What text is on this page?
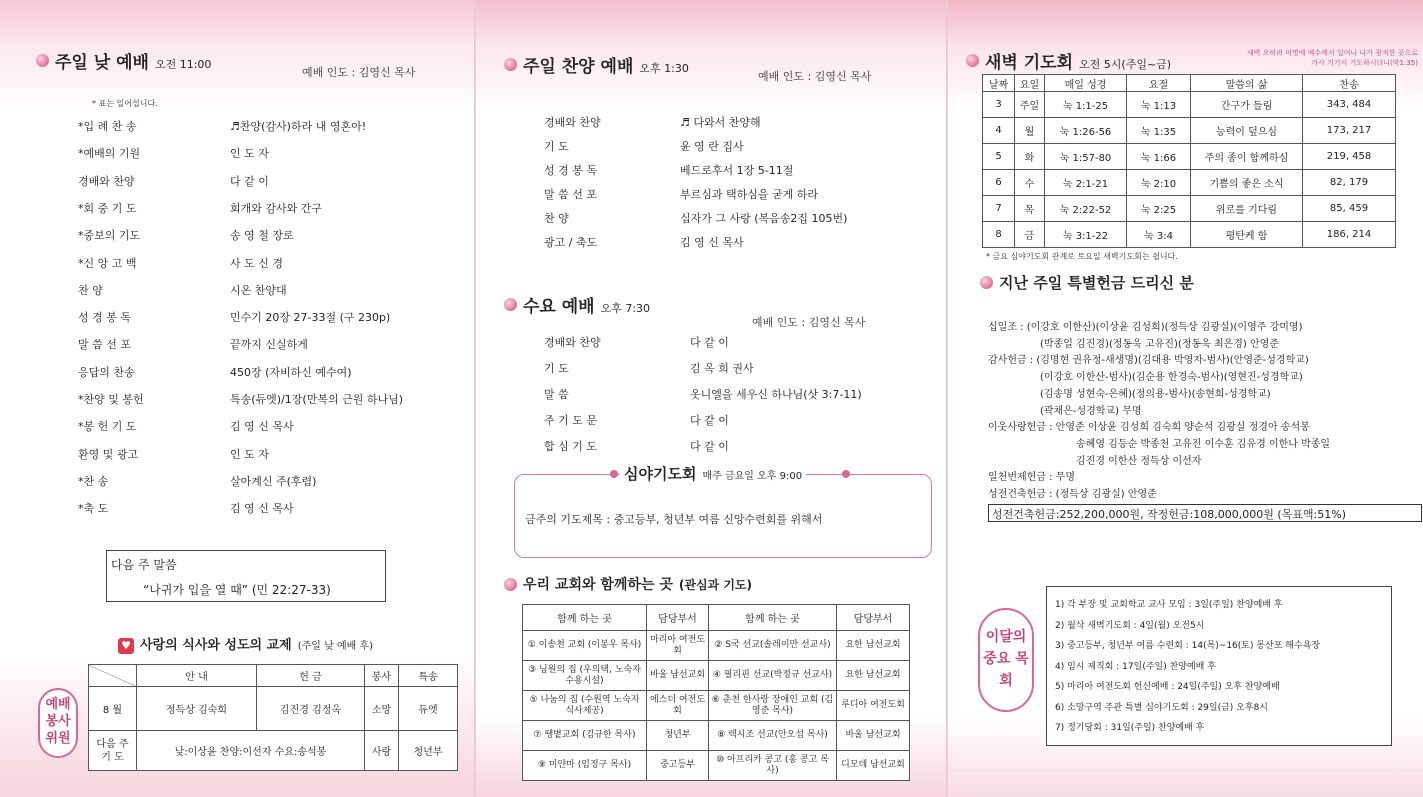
주일 낮 예배 오전 11:00
예배 인도 : 김영신 목사
* 표는 일어섭니다.
*입 례 찬 송	♬찬양(감사)하라 내 영혼아!
*예배의 기원	인 도 자
경배와 찬양	다 같 이
*회 중 기 도	회개와 감사와 간구
*중보의 기도	송 영 철 장로
*신 앙 고 백	사 도 신 경
찬 양	시온 찬양대
성 경 봉 독	민수기 20장 27-33절 (구 230p)
말 씀 선 포	끝까지 신실하게
응답의 찬송	450장 (자비하신 예수여)
*찬양 및 봉헌	특송(듀엣)/1장(만복의 근원 하나님)
*봉 헌 기 도	김 영 신 목사
환영 및 광고	인 도 자
*찬 송	살아계신 주(후렴)
*축 도	김 영 신 목사
다음 주 말씀
“나귀가 입을 열 때” (민 22:27-33)
♥ 사랑의 식사와 성도의 교제 (주일 낮 예배 후)
	안 내	헌 금	봉사	특송
8 월	정득상 김숙희	김진경 김정옥	소망	듀엣
다음 주 기 도	낮:이상윤 찬양:이선자 수요:송석봉		사랑	청년부
예배 봉사 위원
주일 찬양 예배 오후 1:30
예배 인도 : 김영신 목사
경배와 찬양	♬ 다와서 찬양해
기 도	윤 영 란 집사
성 경 봉 독	베드로후서 1장 5-11절
말 씀 선 포	부르심과 택하심을 굳게 하라
찬 양	십자가 그 사랑 (복음송2집 105번)
광고 / 축도	김 영 신 목사
수요 예배 오후 7:30
예배 인도 : 김영신 목사
경배와 찬양	다 같 이
기 도	김 옥 희 권사
말 씀	옷니엘을 세우신 하나님(삿 3:7-11)
주 기 도 문	다 같 이
합 심 기 도	다 같 이
금주의 기도제목 : 중고등부, 청년부 여름 신앙수련회를 위해서
심야기도회 매주 금요일 오후 9:00
우리 교회와 함께하는 곳 (관심과 기도)
함께 하는 곳	담당부서	함께 하는 곳	담당부서
① 이송천 교회 (이봉우 목사)	마리아 여전도회	② S국 선교(솔레이만 선교사)	요한 남선교회
③ 님원의 집 (우의택, 노숙자 수용시설)	바울 남선교회	④ 필리핀 선교(박정규 선교사)	요한 남선교회
⑤ 나눔의 집 (수원역 노숙자 식사제공)	에스더 여전도회	⑥ 춘천 한사랑 장애인 교회 (김영준 목사)	루디아 여전도회
⑦ 땡볕교회 (김규한 목사)	청년부	⑧ 렉시조 선교(안오섭 목사)	바울 남선교회
⑨ 미얀마 (임정구 목사)	중고등부	⑩ 아프리카 콩고 (홍 콩고 목사)	디모데 남선교회
새벽 기도회 오전 5시(주일~금)
새벽 오히려 미명에 예수께서 일어나 나가 광적한 곳으로 가사 거기서 기도하시더니(막1:35)
날짜	요일	매일 성경	요절	말씀의 삶	찬송
3	주일	눅 1:1-25	눅 1:13	간구가 들림	343, 484
4	월	눅 1:26-56	눅 1:35	능력이 덮으심	173, 217
5	화	눅 1:57-80	눅 1:66	주의 종이 함께하심	219, 458
6	수	눅 2:1-21	눅 2:10	기쁨의 좋은 소식	82, 179
7	목	눅 2:22-52	눅 2:25	위로를 기다림	85, 459
8	금	눅 3:1-22	눅 3:4	평탄케 함	186, 214
* 금요 심야기도회 관계로 토요일 새벽기도회는 쉽니다.
지난 주일 특별헌금 드리신 분
십일조 : (이강호 이한산)(이상윤 김성희)(정득상 김광실)(이영주 강미영)
(박종일 김진경)(정동욱 고유진)(정동욱 최은경) 안영준
감사헌금 : (김명현 권유정-새생명)(김대용 박영자-범사)(안영준-성경학교)
(이강호 이한산-범사)(김순용 한경숙-범사)(영현진-성경학교)
(김송명 성현숙-은혜)(정의용-범사)(송현희-성경학교)
(곽채은-성경학교) 무명
이웃사랑헌금 : 안영준 이상윤 김성희 김숙희 양순석 김광실 정경아 송석봉
송혜영 김등순 박종천 고유진 이수훈 김유경 이한나 박종일
김진경 이한산 정득상 이선자
일천번제헌금 : 무명
성전건축헌금 : (정득상 김광실) 안영준
성전건축헌금:252,200,000원, 작정헌금:108,000,000원 (목표액:51%)
1) 각 부장 및 교회학교 교사 모임 : 3일(주일) 찬양예배 후
2) 월삭 새벽기도회 : 4일(월) 오전5시
3) 중고등부, 청년부 여름 수련회 : 14(목)~16(토) 몽산포 해수욕장
4) 임시 제직회 : 17일(주일) 찬양예배 후
5) 마리아 여전도회 헌신예배 : 24일(주일) 오후 찬양예배
6) 소망구역 주관 특별 심야기도회 : 29일(금) 오후8시
7) 정기당회 : 31일(주일) 찬양예배 후
이달의 중요 목회
